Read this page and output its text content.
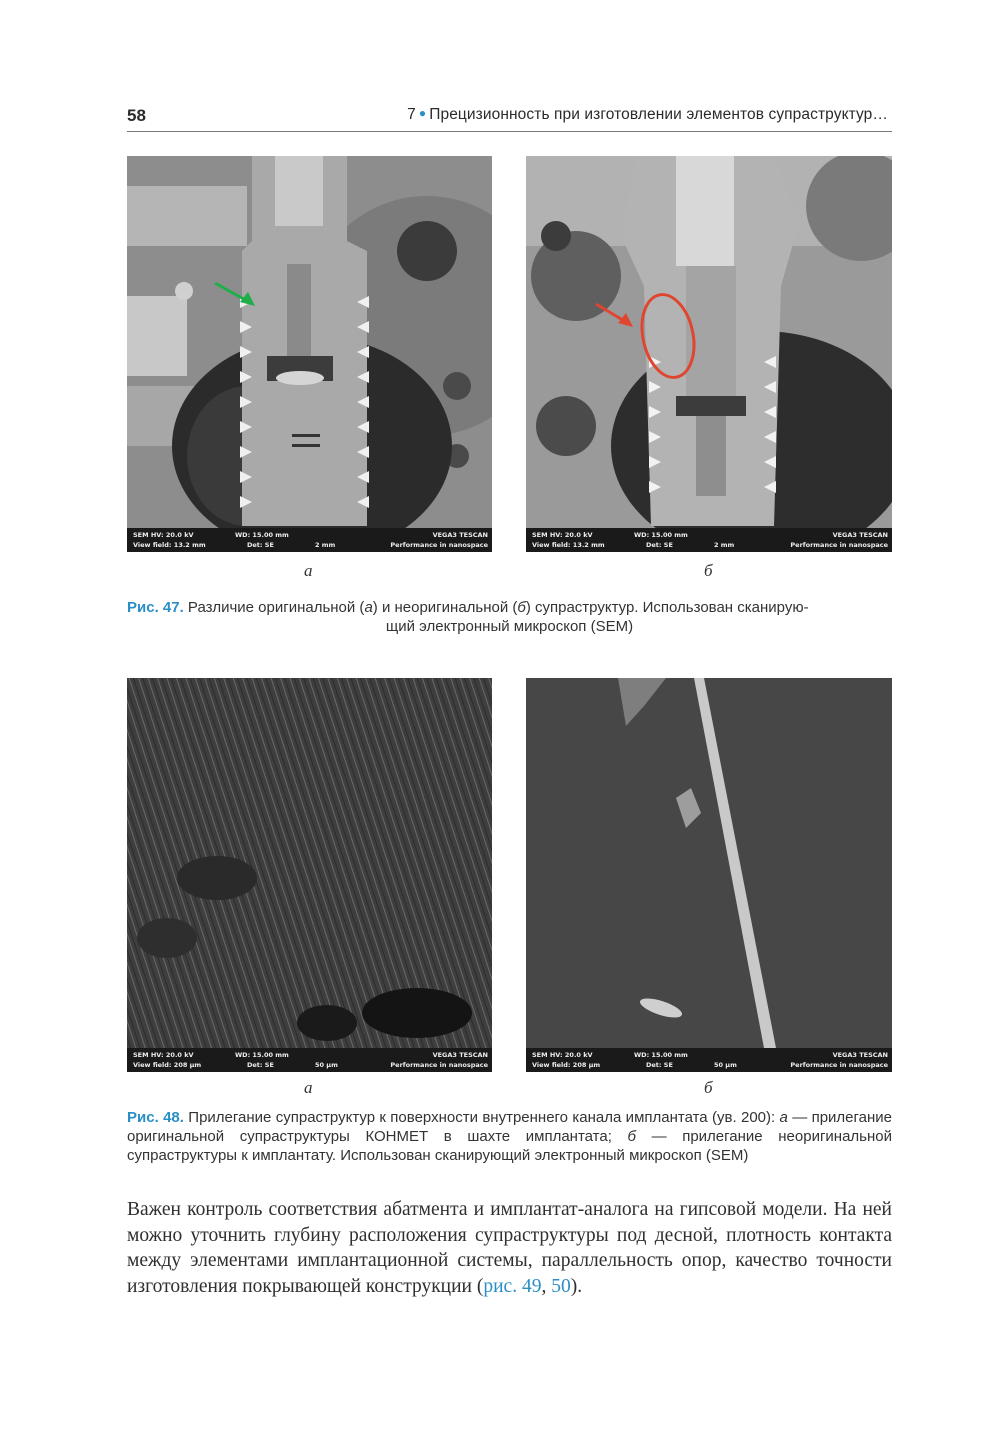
58	7 ● Прецизионность при изготовлении элементов супраструктур…
SEM HV: 20.0 kV	WD: 15.00 mm	VEGA3 TESCAN
View field: 13.2 mm	Det: SE	2 mm	Performance in nanospace
а
SEM HV: 20.0 kV	WD: 15.00 mm	VEGA3 TESCAN
View field: 13.2 mm	Det: SE	2 mm	Performance in nanospace
б
Рис. 47. Различие оригинальной (а) и неоригинальной (б) супраструктур. Использован сканирую-
щий электронный микроскоп (SEM)
SEM HV: 20.0 kV	WD: 15.00 mm	VEGA3 TESCAN
View field: 208 µm	Det: SE	50 µm	Performance in nanospace
а
SEM HV: 20.0 kV	WD: 15.00 mm	VEGA3 TESCAN
View field: 208 µm	Det: SE	50 µm	Performance in nanospace
б
Рис. 48. Прилегание супраструктур к поверхности внутреннего канала имплантата (ув. 200): а — прилегание оригинальной супраструктуры КОНМЕТ в шахте имплантата; б — прилегание неоригинальной супраструктуры к имплантату. Использован сканирующий электронный микроскоп (SEM)
Важен контроль соответствия абатмента и имплантат-аналога на гипсовой модели. На ней можно уточнить глубину расположения супраструктуры под десной, плотность контакта между элементами имплантационной системы, параллельность опор, качество точности изготовления покрывающей конструкции (рис. 49, 50).
